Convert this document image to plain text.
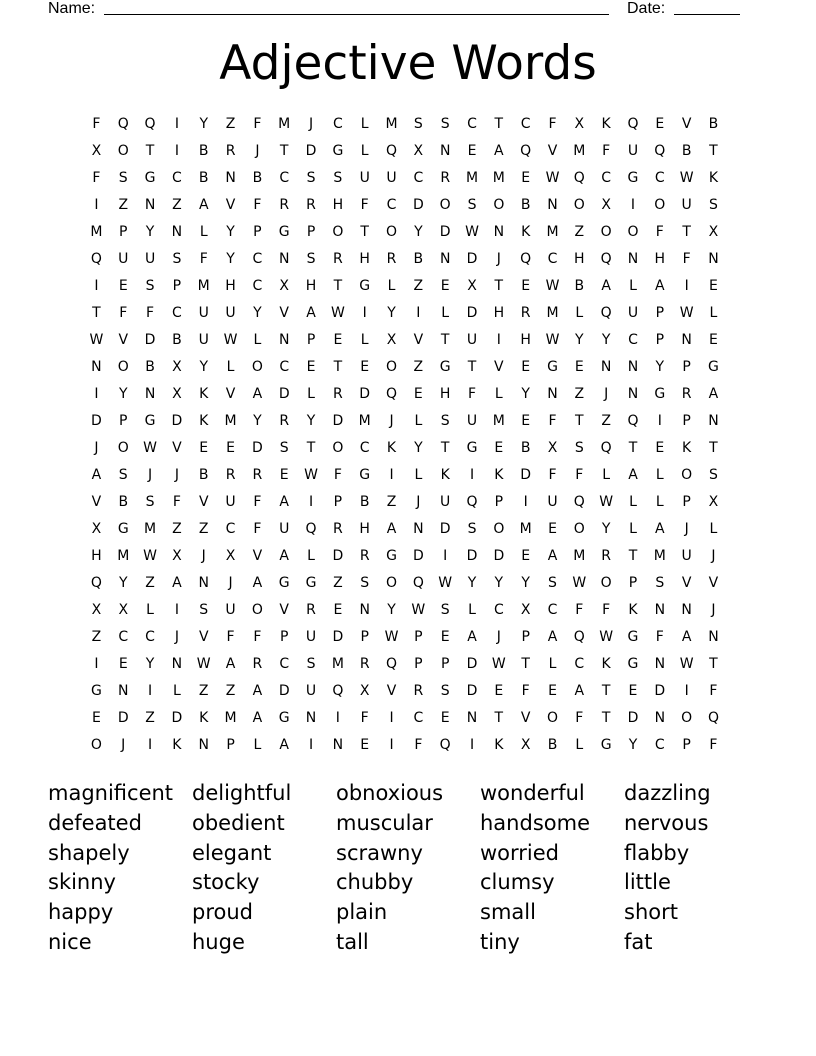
Name:	Date:
Adjective Words
F	Q	Q	I	Y	Z	F	M	J	C	L	M	S	S	C	T	C	F	X	K	Q	E	V	B
X	O	T	I	B	R	J	T	D	G	L	Q	X	N	E	A	Q	V	M	F	U	Q	B	T
F	S	G	C	B	N	B	C	S	S	U	U	C	R	M	M	E	W	Q	C	G	C	W	K
I	Z	N	Z	A	V	F	R	R	H	F	C	D	O	S	O	B	N	O	X	I	O	U	S
M	P	Y	N	L	Y	P	G	P	O	T	O	Y	D	W	N	K	M	Z	O	O	F	T	X
Q	U	U	S	F	Y	C	N	S	R	H	R	B	N	D	J	Q	C	H	Q	N	H	F	N
I	E	S	P	M	H	C	X	H	T	G	L	Z	E	X	T	E	W	B	A	L	A	I	E
T	F	F	C	U	U	Y	V	A	W	I	Y	I	L	D	H	R	M	L	Q	U	P	W	L
W	V	D	B	U	W	L	N	P	E	L	X	V	T	U	I	H	W	Y	Y	C	P	N	E
N	O	B	X	Y	L	O	C	E	T	E	O	Z	G	T	V	E	G	E	N	N	Y	P	G
I	Y	N	X	K	V	A	D	L	R	D	Q	E	H	F	L	Y	N	Z	J	N	G	R	A
D	P	G	D	K	M	Y	R	Y	D	M	J	L	S	U	M	E	F	T	Z	Q	I	P	N
J	O	W	V	E	E	D	S	T	O	C	K	Y	T	G	E	B	X	S	Q	T	E	K	T
A	S	J	J	B	R	R	E	W	F	G	I	L	K	I	K	D	F	F	L	A	L	O	S
V	B	S	F	V	U	F	A	I	P	B	Z	J	U	Q	P	I	U	Q	W	L	L	P	X
X	G	M	Z	Z	C	F	U	Q	R	H	A	N	D	S	O	M	E	O	Y	L	A	J	L
H	M W	X	J	X	V	A	L	D	R	G	D	I	D	D	E	A	M	R	T	M	U	J
Q	Y	Z	A	N	J	A	G	G	Z	S	O	Q	W	Y	Y	Y	S	W	O	P	S	V	V
X	X	L	I	S	U	O	V	R	E	N	Y	W	S	L	C	X	C	F	F	K	N	N	J
Z	C	C	J	V	F	F	P	U	D	P	W	P	E	A	J	P	A	Q	W	G	F	A	N
I	E	Y	N	W	A	R	C	S	M	R	Q	P	P	D	W	T	L	C	K	G	N	W	T
G	N	I	L	Z	Z	A	D	U	Q	X	V	R	S	D	E	F	E	A	T	E	D	I	F
E	D	Z	D	K	M	A	G	N	I	F	I	C	E	N	T	V	O	F	T	D	N	O	Q
O	J	I	K	N	P	L	A	I	N	E	I	F	Q	I	K	X	B	L	G	Y	C	P	F
magnificent delightful	obnoxious	wonderful	dazzling
defeated	obedient	muscular	handsome	nervous
shapely	elegant	scrawny	worried	flabby
skinny	stocky	chubby	clumsy	little
happy	proud	plain	small	short
nice	huge	tall	tiny	fat
